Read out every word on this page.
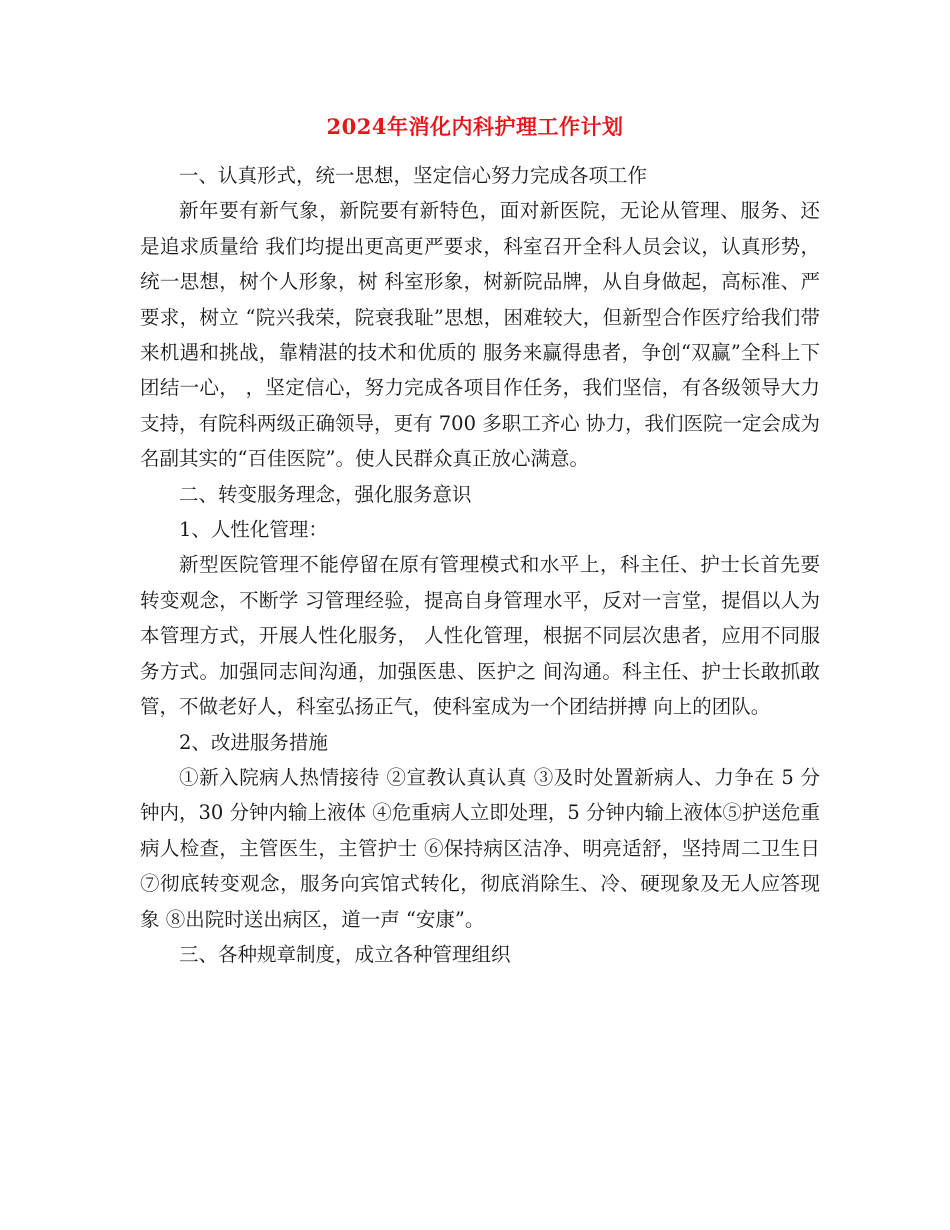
2024年消化内科护理工作计划

一、认真形式，统一思想，坚定信心努力完成各项工作

新年要有新气象，新院要有新特色，面对新医院，无论从管理、服务、还是追求质量给 我们均提出更高更严要求，科室召开全科人员会议，认真形势，统一思想，树个人形象，树 科室形象，树新院品牌，从自身做起，高标准、严要求，树立 “院兴我荣，院衰我耻”思想，困难较大，但新型合作医疗给我们带来机遇和挑战，靠精湛的技术和优质的 服务来赢得患者，争创“双赢”全科上下团结一心， ，坚定信心，努力完成各项目作任务，我们坚信，有各级领导大力支持，有院科两级正确领导，更有 700 多职工齐心 协力，我们医院一定会成为名副其实的“百佳医院”。使人民群众真正放心满意。

二、转变服务理念，强化服务意识

1、人性化管理：

新型医院管理不能停留在原有管理模式和水平上，科主任、护士长首先要转变观念，不断学 习管理经验，提高自身管理水平，反对一言堂，提倡以人为本管理方式，开展人性化服务， 人性化管理，根据不同层次患者，应用不同服务方式。加强同志间沟通，加强医患、医护之 间沟通。科主任、护士长敢抓敢管，不做老好人，科室弘扬正气，使科室成为一个团结拼搏 向上的团队。

2、改进服务措施

①新入院病人热情接待 ②宣教认真认真 ③及时处置新病人、力争在 5 分钟内，30 分钟内输上液体 ④危重病人立即处理，5 分钟内输上液体⑤护送危重病人检查，主管医生，主管护士 ⑥保持病区洁净、明亮适舒，坚持周二卫生日 ⑦彻底转变观念，服务向宾馆式转化，彻底消除生、冷、硬现象及无人应答现象 ⑧出院时送出病区，道一声 “安康”。

三、各种规章制度，成立各种管理组织
